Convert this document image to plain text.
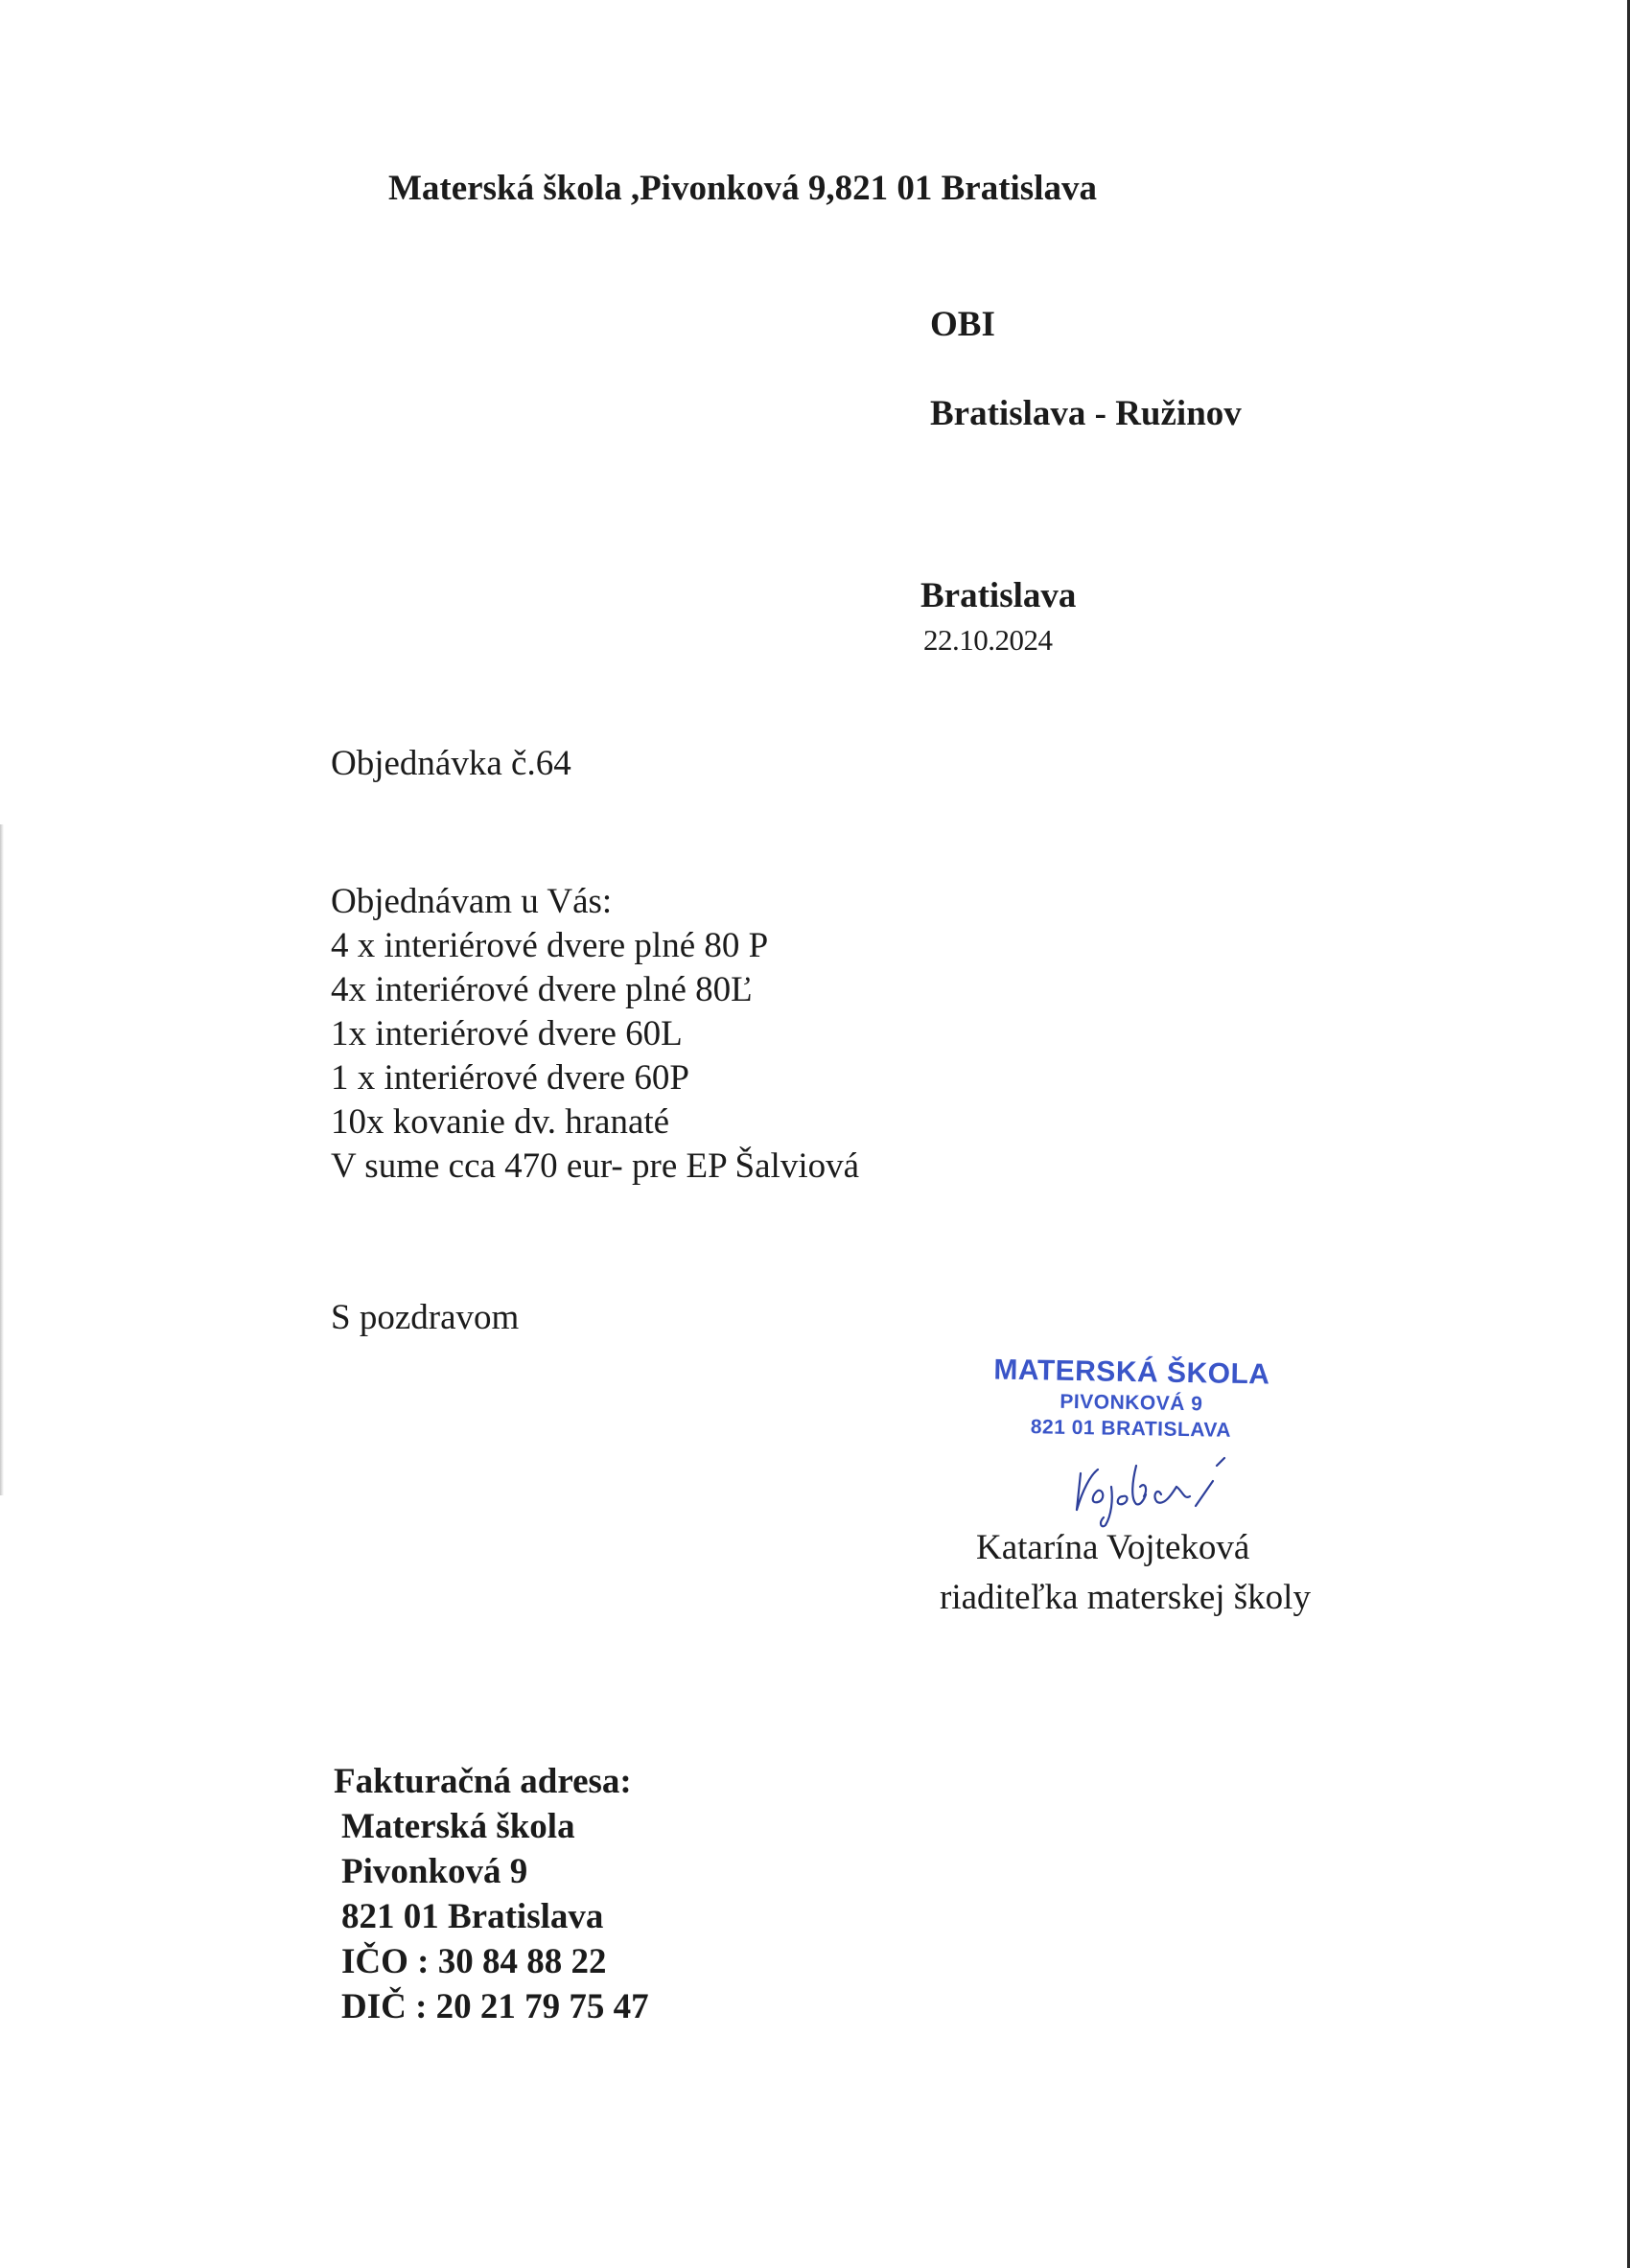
Materská škola ,Pivonková 9,821 01 Bratislava
OBI
Bratislava - Ružinov
Bratislava
22.10.2024
Objednávka č.64
Objednávam u Vás:
4 x interiérové dvere plné 80 P
4x interiérové dvere plné 80Ľ
1x interiérové dvere 60L
1 x interiérové dvere 60P
10x kovanie dv. hranaté
V sume cca 470 eur- pre EP Šalviová
S pozdravom
MATERSKÁ ŠKOLA
PIVONKOVÁ 9
821 01 BRATISLAVA
Katarína Vojteková
riaditeľka materskej školy
Fakturačná adresa:
Materská škola
Pivonková 9
821 01 Bratislava
IČO : 30 84 88 22
DIČ : 20 21 79 75 47
